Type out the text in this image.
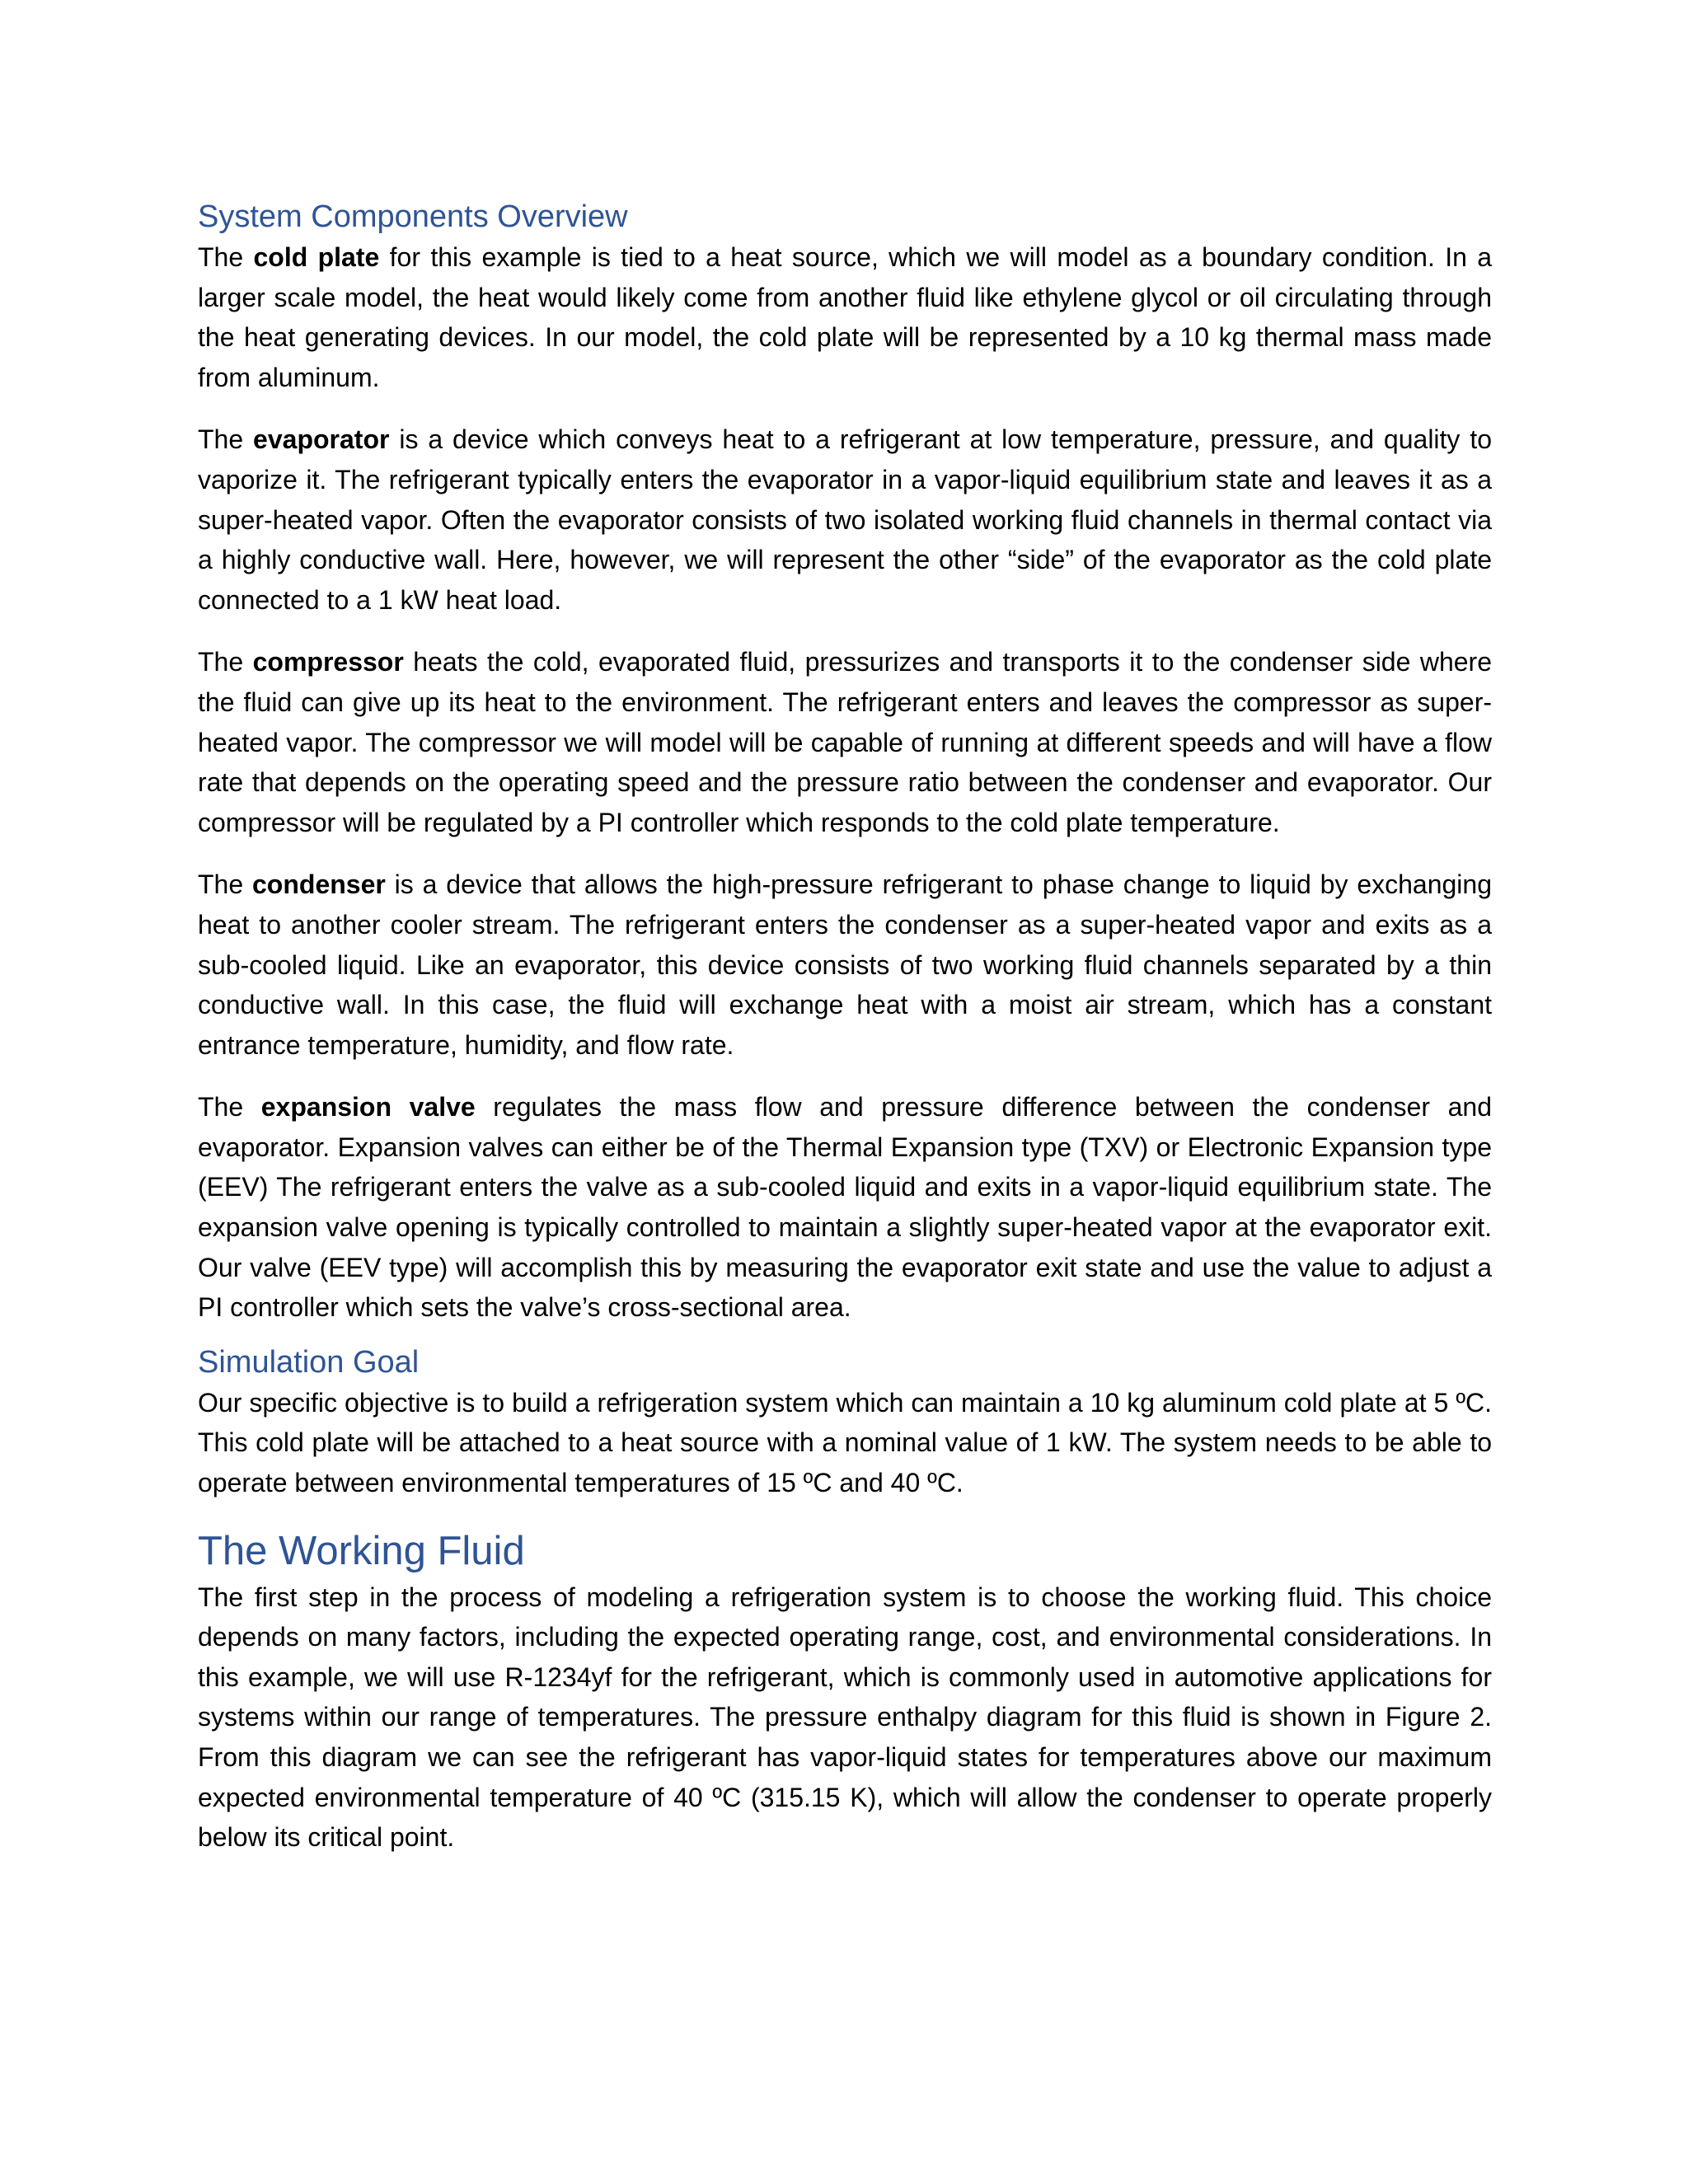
System Components Overview

The cold plate for this example is tied to a heat source, which we will model as a boundary condition. In a larger scale model, the heat would likely come from another fluid like ethylene glycol or oil circulating through the heat generating devices. In our model, the cold plate will be represented by a 10 kg thermal mass made from aluminum.

The evaporator is a device which conveys heat to a refrigerant at low temperature, pressure, and quality to vaporize it. The refrigerant typically enters the evaporator in a vapor-liquid equilibrium state and leaves it as a super-heated vapor. Often the evaporator consists of two isolated working fluid channels in thermal contact via a highly conductive wall. Here, however, we will represent the other “side” of the evaporator as the cold plate connected to a 1 kW heat load.

The compressor heats the cold, evaporated fluid, pressurizes and transports it to the condenser side where the fluid can give up its heat to the environment. The refrigerant enters and leaves the compressor as super-heated vapor. The compressor we will model will be capable of running at different speeds and will have a flow rate that depends on the operating speed and the pressure ratio between the condenser and evaporator. Our compressor will be regulated by a PI controller which responds to the cold plate temperature.

The condenser is a device that allows the high-pressure refrigerant to phase change to liquid by exchanging heat to another cooler stream. The refrigerant enters the condenser as a super-heated vapor and exits as a sub-cooled liquid. Like an evaporator, this device consists of two working fluid channels separated by a thin conductive wall. In this case, the fluid will exchange heat with a moist air stream, which has a constant entrance temperature, humidity, and flow rate.

The expansion valve regulates the mass flow and pressure difference between the condenser and evaporator. Expansion valves can either be of the Thermal Expansion type (TXV) or Electronic Expansion type (EEV) The refrigerant enters the valve as a sub-cooled liquid and exits in a vapor-liquid equilibrium state. The expansion valve opening is typically controlled to maintain a slightly super-heated vapor at the evaporator exit. Our valve (EEV type) will accomplish this by measuring the evaporator exit state and use the value to adjust a PI controller which sets the valve’s cross-sectional area.

Simulation Goal

Our specific objective is to build a refrigeration system which can maintain a 10 kg aluminum cold plate at 5 ºC. This cold plate will be attached to a heat source with a nominal value of 1 kW. The system needs to be able to operate between environmental temperatures of 15 ºC and 40 ºC.

The Working Fluid

The first step in the process of modeling a refrigeration system is to choose the working fluid. This choice depends on many factors, including the expected operating range, cost, and environmental considerations. In this example, we will use R-1234yf for the refrigerant, which is commonly used in automotive applications for systems within our range of temperatures. The pressure enthalpy diagram for this fluid is shown in Figure 2. From this diagram we can see the refrigerant has vapor-liquid states for temperatures above our maximum expected environmental temperature of 40 ºC (315.15 K), which will allow the condenser to operate properly below its critical point.
